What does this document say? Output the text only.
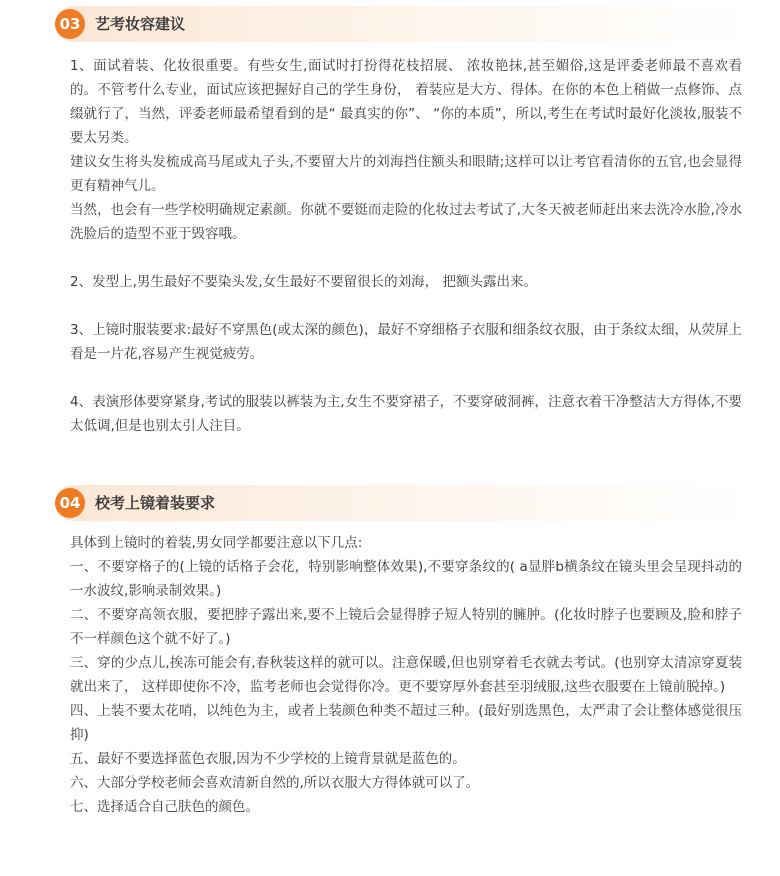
03 艺考妆容建议

1、面试着装、化妆很重要。有些女生,面试时打扮得花枝招展、 浓妆艳抹,甚至媚俗,这是评委老师最不喜欢看的。不管考什么专业，面试应该把握好自己的学生身份， 着装应是大方、得体。在你的本色上稍做一点修饰、点缀就行了，当然，评委老师最希望看到的是“ 最真实的你”、 “你的本质”，所以,考生在考试时最好化淡妆,服装不要太另类。

建议女生将头发梳成高马尾或丸子头,不要留大片的刘海挡住额头和眼睛;这样可以让考官看清你的五官,也会显得更有精神气儿。

当然，也会有一些学校明确规定素颜。你就不要铤而走险的化妆过去考试了,大冬天被老师赶出来去洗冷水脸,冷水洗脸后的造型不亚于毁容哦。

2、发型上,男生最好不要染头发,女生最好不要留很长的刘海， 把额头露出来。

3、上镜时服装要求:最好不穿黑色(或太深的颜色)，最好不穿细格子衣服和细条纹衣服，由于条纹太细，从荧屏上看是一片花,容易产生视觉疲劳。

4、表演形体要穿紧身,考试的服装以裤装为主,女生不要穿裙子，不要穿破洞裤，注意衣着干净整洁大方得体,不要太低调,但是也别太引人注目。

04 校考上镜着装要求

具体到上镜时的着装,男女同学都要注意以下几点:

一、不要穿格子的(上镜的话格子会花，特别影响整体效果),不要穿条纹的( a显胖b横条纹在镜头里会呈现抖动的一水波纹,影响录制效果。)

二、不要穿高领衣服，要把脖子露出来,要不上镜后会显得脖子短人特别的臃肿。(化妆时脖子也要顾及,脸和脖子不一样颜色这个就不好了。)

三、穿的少点儿,挨冻可能会有,春秋装这样的就可以。注意保暖,但也别穿着毛衣就去考试。(也别穿太清凉穿夏装就出来了， 这样即使你不冷，监考老师也会觉得你冷。更不要穿厚外套甚至羽绒服,这些衣服要在上镜前脱掉。)

四、上装不要太花哨，以纯色为主，或者上装颜色种类不超过三种。(最好别选黑色，太严肃了会让整体感觉很压抑)

五、最好不要选择蓝色衣服,因为不少学校的上镜背景就是蓝色的。

六、大部分学校老师会喜欢清新自然的,所以衣服大方得体就可以了。

七、选择适合自己肤色的颜色。
